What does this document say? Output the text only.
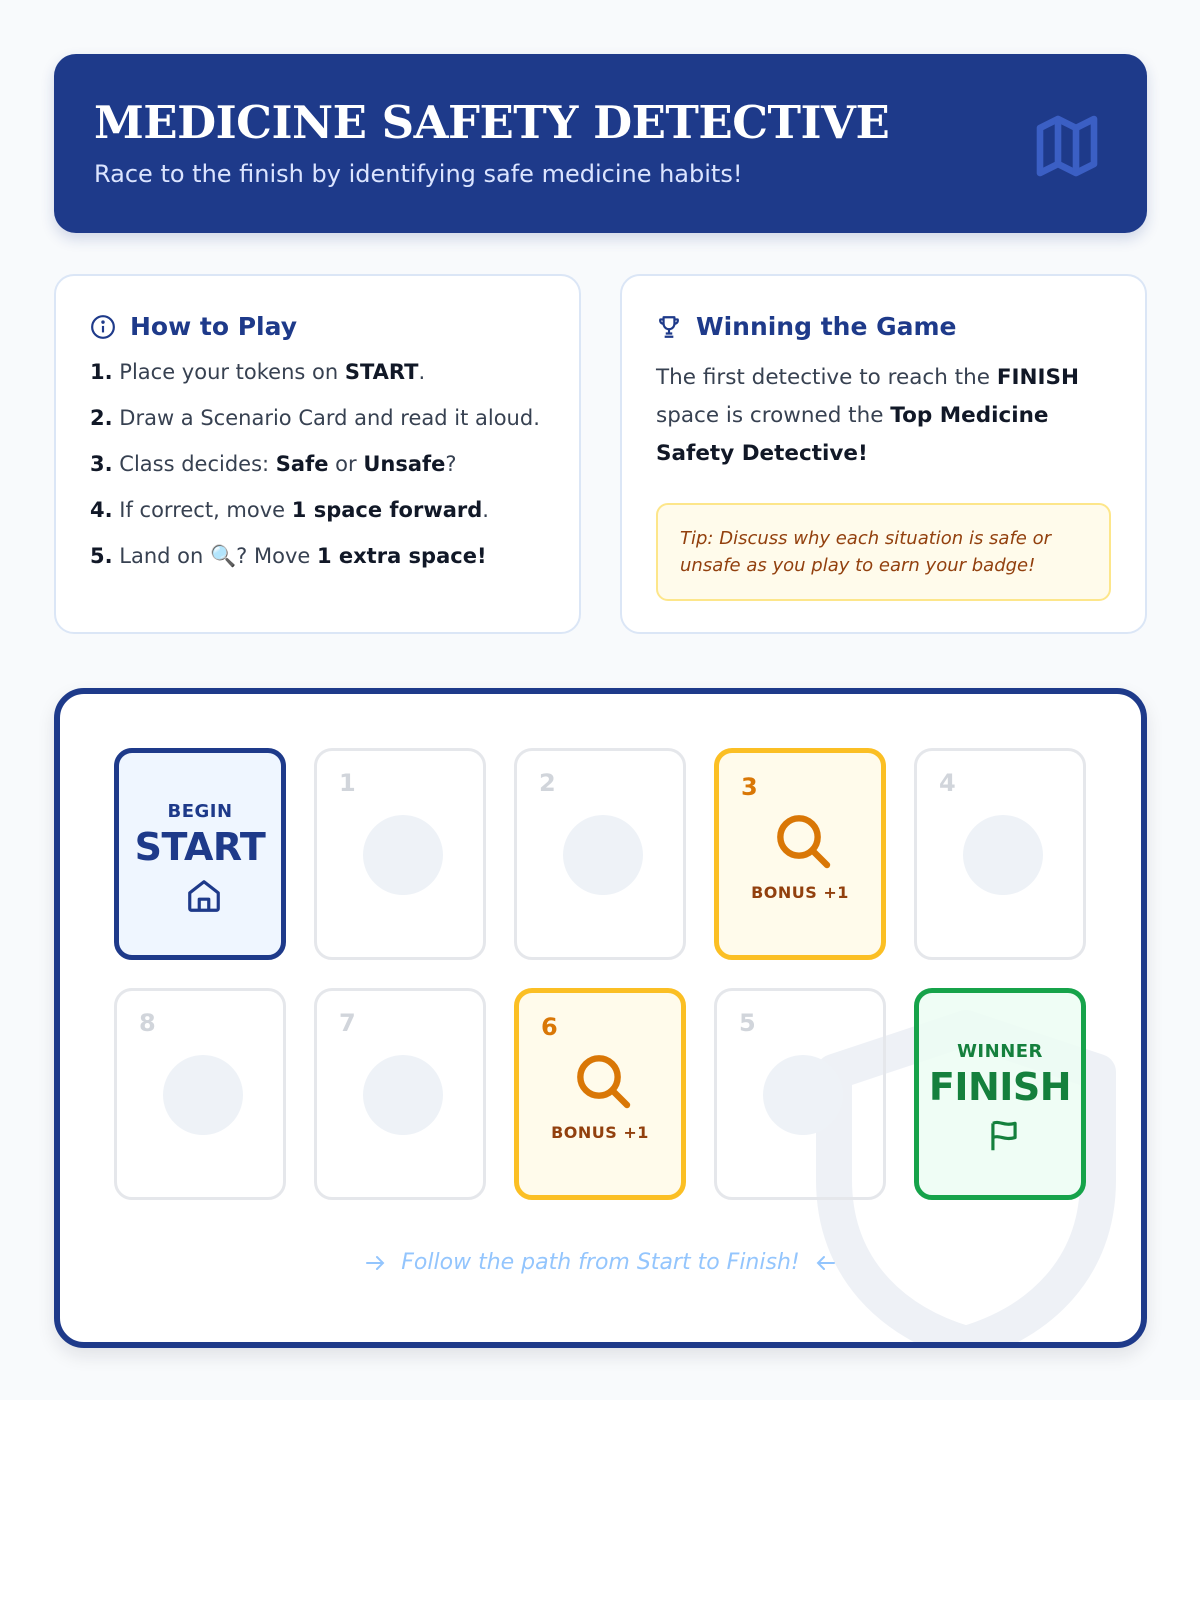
MEDICINE SAFETY DETECTIVE

Race to the finish by identifying safe medicine habits!

How to Play
1. Place your tokens on START.
2. Draw a Scenario Card and read it aloud.
3. Class decides: Safe or Unsafe?
4. If correct, move 1 space forward.
5. Land on 🔍? Move 1 extra space!
Winning the Game

The first detective to reach the FINISH space is crowned the Top Medicine Safety Detective!

Tip: Discuss why each situation is safe or unsafe as you play to earn your badge!
BEGIN
START
1	2	3
BONUS +1
4
8	7	6
BONUS +1
5
WINNER
FINISH
Follow the path from Start to Finish!
